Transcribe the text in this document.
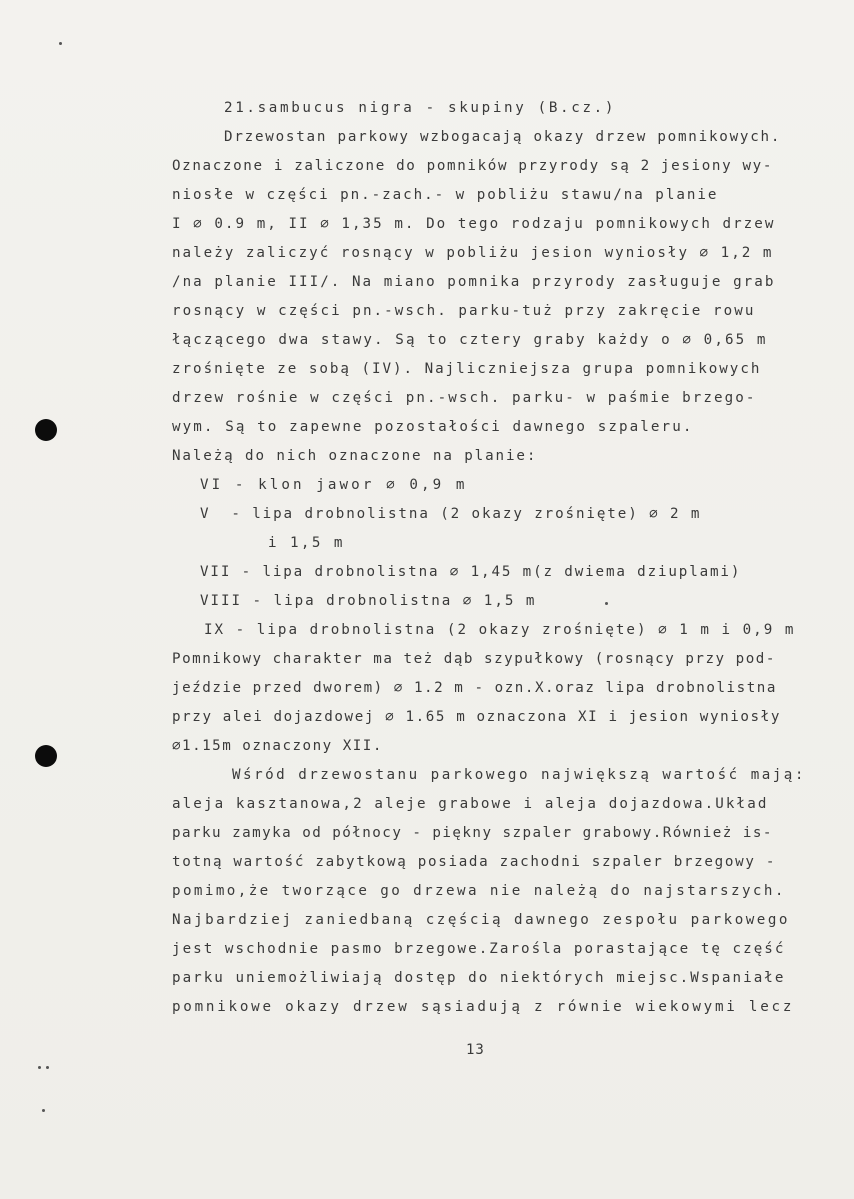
21.sambucus nigra - skupiny (B.cz.)
Drzewostan parkowy wzbogacają okazy drzew pomnikowych.
Oznaczone i zaliczone do pomników przyrody są 2 jesiony wy-
niosłe w części pn.-zach.- w pobliżu stawu/na planie
I ⌀ 0.9 m, II ⌀ 1,35 m. Do tego rodzaju pomnikowych drzew
należy zaliczyć rosnący w pobliżu jesion wyniosły ⌀ 1,2 m
/na planie III/. Na miano pomnika przyrody zasługuje grab
rosnący w części pn.-wsch. parku-tuż przy zakręcie rowu
łączącego dwa stawy. Są to cztery graby każdy o ⌀ 0,65 m
zrośnięte ze sobą (IV). Najliczniejsza grupa pomnikowych
drzew rośnie w części pn.-wsch. parku- w paśmie brzego-
wym. Są to zapewne pozostałości dawnego szpaleru.
Należą do nich oznaczone na planie:
VI - klon jawor ⌀ 0,9 m
V  - lipa drobnolistna (2 okazy zrośnięte) ⌀ 2 m
i 1,5 m
VII - lipa drobnolistna ⌀ 1,45 m(z dwiema dziuplami)
VIII - lipa drobnolistna ⌀ 1,5 m
IX - lipa drobnolistna (2 okazy zrośnięte) ⌀ 1 m i 0,9 m
Pomnikowy charakter ma też dąb szypułkowy (rosnący przy pod-
jeździe przed dworem) ⌀ 1.2 m - ozn.X.oraz lipa drobnolistna
przy alei dojazdowej ⌀ 1.65 m oznaczona XI i jesion wyniosły
⌀1.15m oznaczony XII.
Wśród drzewostanu parkowego największą wartość mają:
aleja kasztanowa,2 aleje grabowe i aleja dojazdowa.Układ
parku zamyka od północy - piękny szpaler grabowy.Również is-
totną wartość zabytkową posiada zachodni szpaler brzegowy -
pomimo,że tworzące go drzewa nie należą do najstarszych.
Najbardziej zaniedbaną częścią dawnego zespołu parkowego
jest wschodnie pasmo brzegowe.Zarośla porastające tę część
parku uniemożliwiają dostęp do niektórych miejsc.Wspaniałe
pomnikowe okazy drzew sąsiadują z równie wiekowymi lecz
13
